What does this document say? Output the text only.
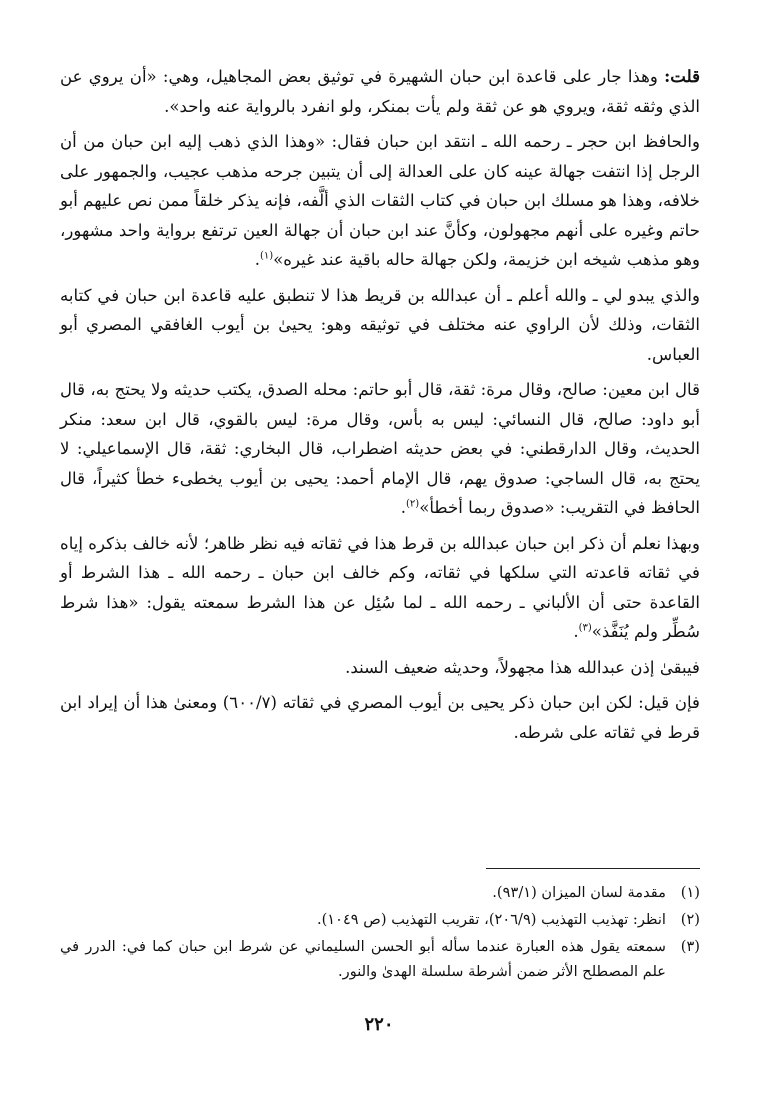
قلت: وهذا جار على قاعدة ابن حبان الشهيرة في توثيق بعض المجاهيل، وهي: «أن يروي عن الذي وثقه ثقة، ويروي هو عن ثقة ولم يأت بمنكر، ولو انفرد بالرواية عنه واحد».

والحافظ ابن حجر ـ رحمه الله ـ انتقد ابن حبان فقال: «وهذا الذي ذهب إليه ابن حبان من أن الرجل إذا انتفت جهالة عينه كان على العدالة إلى أن يتبين جرحه مذهب عجيب، والجمهور على خلافه، وهذا هو مسلك ابن حبان في كتاب الثقات الذي ألَّفه، فإنه يذكر خلقاً ممن نص عليهم أبو حاتم وغيره على أنهم مجهولون، وكأنَّ عند ابن حبان أن جهالة العين ترتفع برواية واحد مشهور، وهو مذهب شيخه ابن خزيمة، ولكن جهالة حاله باقية عند غيره»$^{(١)}$.

والذي يبدو لي ـ والله أعلم ـ أن عبدالله بن قريط هذا لا تنطبق عليه قاعدة ابن حبان في كتابه الثقات، وذلك لأن الراوي عنه مختلف في توثيقه وهو: يحيىٰ بن أيوب الغافقي المصري أبو العباس.

قال ابن معين: صالح، وقال مرة: ثقة، قال أبو حاتم: محله الصدق، يكتب حديثه ولا يحتج به، قال أبو داود: صالح، قال النسائي: ليس به بأس، وقال مرة: ليس بالقوي، قال ابن سعد: منكر الحديث، وقال الدارقطني: في بعض حديثه اضطراب، قال البخاري: ثقة، قال الإسماعيلي: لا يحتج به، قال الساجي: صدوق يهم، قال الإمام أحمد: يحيى بن أيوب يخطىء خطأ كثيراً، قال الحافظ في التقريب: «صدوق ربما أخطأ»$^{(٢)}$.

وبهذا نعلم أن ذكر ابن حبان عبدالله بن قرط هذا في ثقاته فيه نظر ظاهر؛ لأنه خالف بذكره إياه في ثقاته قاعدته التي سلكها في ثقاته، وكم خالف ابن حبان ـ رحمه الله ـ هذا الشرط أو القاعدة حتى أن الألباني ـ رحمه الله ـ لما سُئِل عن هذا الشرط سمعته يقول: «هذا شرط سُطِّر ولم يُنَفَّذ»$^{(٣)}$.

فيبقىٰ إذن عبدالله هذا مجهولاً، وحديثه ضعيف السند.

فإن قيل: لكن ابن حبان ذكر يحيى بن أيوب المصري في ثقاته (٦٠٠/٧) ومعنىٰ هذا أن إيراد ابن قرط في ثقاته على شرطه.

(١)
مقدمة لسان الميزان (٩٣/١).
(٢)
انظر: تهذيب التهذيب (٢٠٦/٩)، تقريب التهذيب (ص ١٠٤٩).
(٣)
سمعته يقول هذه العبارة عندما سأله أبو الحسن السليماني عن شرط ابن حبان كما في: الدرر في علم المصطلح الأثر ضمن أشرطة سلسلة الهدىٰ والنور.
٢٢٠
